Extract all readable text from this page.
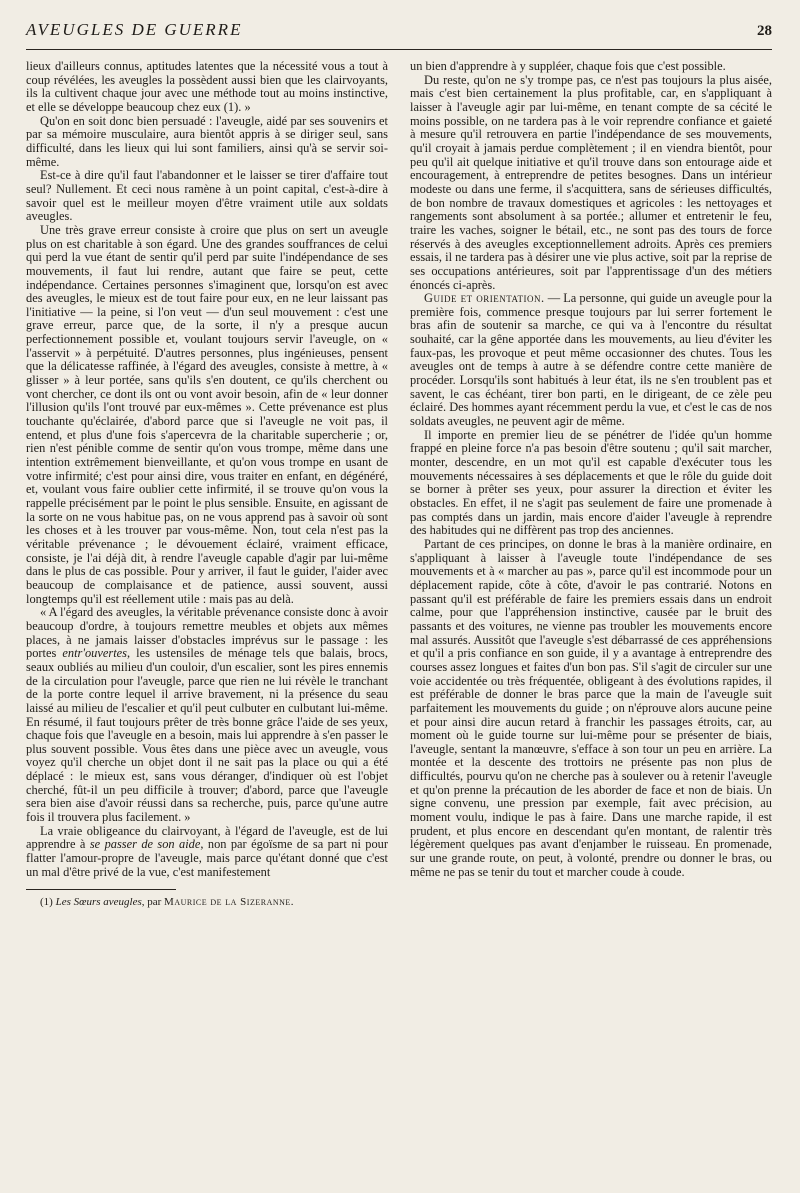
AVEUGLES DE GUERRE	28

lieux d'ailleurs connus, aptitudes latentes que la nécessité vous a tout à coup révélées, les aveugles la possèdent aussi bien que les clairvoyants, ils la cultivent chaque jour avec une méthode tout au moins instinctive, et elle se développe beaucoup chez eux (1). »

Qu'on en soit donc bien persuadé : l'aveugle, aidé par ses souvenirs et par sa mémoire musculaire, aura bientôt appris à se diriger seul, sans difficulté, dans les lieux qui lui sont familiers, ainsi qu'à se servir soi-même.

Est-ce à dire qu'il faut l'abandonner et le laisser se tirer d'affaire tout seul? Nullement. Et ceci nous ramène à un point capital, c'est-à-dire à savoir quel est le meilleur moyen d'être vraiment utile aux soldats aveugles.

Une très grave erreur consiste à croire que plus on sert un aveugle plus on est charitable à son égard. Une des grandes souffrances de celui qui perd la vue étant de sentir qu'il perd par suite l'indépendance de ses mouvements, il faut lui rendre, autant que faire se peut, cette indépendance. Certaines personnes s'imaginent que, lorsqu'on est avec des aveugles, le mieux est de tout faire pour eux, en ne leur laissant pas l'initiative — la peine, si l'on veut — d'un seul mouvement : c'est une grave erreur, parce que, de la sorte, il n'y a presque aucun perfectionnement possible et, voulant toujours servir l'aveugle, on « l'asservit » à perpétuité. D'autres personnes, plus ingénieuses, pensent que la délicatesse raffinée, à l'égard des aveugles, consiste à mettre, à « glisser » à leur portée, sans qu'ils s'en doutent, ce qu'ils cherchent ou vont chercher, ce dont ils ont ou vont avoir besoin, afin de « leur donner l'illusion qu'ils l'ont trouvé par eux-mêmes ». Cette prévenance est plus touchante qu'éclairée, d'abord parce que si l'aveugle ne voit pas, il entend, et plus d'une fois s'apercevra de la charitable supercherie ; or, rien n'est pénible comme de sentir qu'on vous trompe, même dans une intention extrêmement bienveillante, et qu'on vous trompe en usant de votre infirmité; c'est pour ainsi dire, vous traiter en enfant, en dégénéré, et, voulant vous faire oublier cette infirmité, il se trouve qu'on vous la rappelle précisément par le point le plus sensible. Ensuite, en agissant de la sorte on ne vous habitue pas, on ne vous apprend pas à savoir où sont les choses et à les trouver par vous-même. Non, tout cela n'est pas la véritable prévenance ; le dévouement éclairé, vraiment efficace, consiste, je l'ai déjà dit, à rendre l'aveugle capable d'agir par lui-même dans le plus de cas possible. Pour y arriver, il faut le guider, l'aider avec beaucoup de complaisance et de patience, aussi souvent, aussi longtemps qu'il est réellement utile : mais pas au delà.

« A l'égard des aveugles, la véritable prévenance consiste donc à avoir beaucoup d'ordre, à toujours remettre meubles et objets aux mêmes places, à ne jamais laisser d'obstacles imprévus sur le passage : les portes entr'ouvertes, les ustensiles de ménage tels que balais, brocs, seaux oubliés au milieu d'un couloir, d'un escalier, sont les pires ennemis de la circulation pour l'aveugle, parce que rien ne lui révèle le tranchant de la porte contre lequel il arrive bravement, ni la présence du seau laissé au milieu de l'escalier et qu'il peut culbuter en culbutant lui-même. En résumé, il faut toujours prêter de très bonne grâce l'aide de ses yeux, chaque fois que l'aveugle en a besoin, mais lui apprendre à s'en passer le plus souvent possible. Vous êtes dans une pièce avec un aveugle, vous voyez qu'il cherche un objet dont il ne sait pas la place ou qui a été déplacé : le mieux est, sans vous déranger, d'indiquer où est l'objet cherché, fût-il un peu difficile à trouver; d'abord, parce que l'aveugle sera bien aise d'avoir réussi dans sa recherche, puis, parce qu'une autre fois il trouvera plus facilement. »

La vraie obligeance du clairvoyant, à l'égard de l'aveugle, est de lui apprendre à se passer de son aide, non par égoïsme de sa part ni pour flatter l'amour-propre de l'aveugle, mais parce qu'étant donné que c'est un mal d'être privé de la vue, c'est manifestement

(1) Les Sœurs aveugles, par Maurice de la Sizeranne.

un bien d'apprendre à y suppléer, chaque fois que c'est possible.

Du reste, qu'on ne s'y trompe pas, ce n'est pas toujours la plus aisée, mais c'est bien certainement la plus profitable, car, en s'appliquant à laisser à l'aveugle agir par lui-même, en tenant compte de sa cécité le moins possible, on ne tardera pas à le voir reprendre confiance et gaieté à mesure qu'il retrouvera en partie l'indépendance de ses mouvements, qu'il croyait à jamais perdue complètement ; il en viendra bientôt, pour peu qu'il ait quelque initiative et qu'il trouve dans son entourage aide et encouragement, à entreprendre de petites besognes. Dans un intérieur modeste ou dans une ferme, il s'acquittera, sans de sérieuses difficultés, de bon nombre de travaux domestiques et agricoles : les nettoyages et rangements sont absolument à sa portée.; allumer et entretenir le feu, traire les vaches, soigner le bétail, etc., ne sont pas des tours de force réservés à des aveugles exceptionnellement adroits. Après ces premiers essais, il ne tardera pas à désirer une vie plus active, soit par la reprise de ses occupations antérieures, soit par l'apprentissage d'un des métiers énoncés ci-après.

Guide et orientation. — La personne, qui guide un aveugle pour la première fois, commence presque toujours par lui serrer fortement le bras afin de soutenir sa marche, ce qui va à l'encontre du résultat souhaité, car la gêne apportée dans les mouvements, au lieu d'éviter les faux-pas, les provoque et peut même occasionner des chutes. Tous les aveugles ont de temps à autre à se défendre contre cette manière de procéder. Lorsqu'ils sont habitués à leur état, ils ne s'en troublent pas et savent, le cas échéant, tirer bon parti, en le dirigeant, de ce zèle peu éclairé. Des hommes ayant récemment perdu la vue, et c'est le cas de nos soldats aveugles, ne peuvent agir de même.

Il importe en premier lieu de se pénétrer de l'idée qu'un homme frappé en pleine force n'a pas besoin d'être soutenu ; qu'il sait marcher, monter, descendre, en un mot qu'il est capable d'exécuter tous les mouvements nécessaires à ses déplacements et que le rôle du guide doit se borner à prêter ses yeux, pour assurer la direction et éviter les obstacles. En effet, il ne s'agit pas seulement de faire une promenade à pas comptés dans un jardin, mais encore d'aider l'aveugle à reprendre des habitudes qui ne diffèrent pas trop des anciennes.

Partant de ces principes, on donne le bras à la manière ordinaire, en s'appliquant à laisser à l'aveugle toute l'indépendance de ses mouvements et à « marcher au pas », parce qu'il est incommode pour un déplacement rapide, côte à côte, d'avoir le pas contrarié. Notons en passant qu'il est préférable de faire les premiers essais dans un endroit calme, pour que l'appréhension instinctive, causée par le bruit des passants et des voitures, ne vienne pas troubler les mouvements encore mal assurés. Aussitôt que l'aveugle s'est débarrassé de ces appréhensions et qu'il a pris confiance en son guide, il y a avantage à entreprendre des courses assez longues et faites d'un bon pas. S'il s'agit de circuler sur une voie accidentée ou très fréquentée, obligeant à des évolutions rapides, il est préférable de donner le bras parce que la main de l'aveugle suit parfaitement les mouvements du guide ; on n'éprouve alors aucune peine et pour ainsi dire aucun retard à franchir les passages étroits, car, au moment où le guide tourne sur lui-même pour se présenter de biais, l'aveugle, sentant la manœuvre, s'efface à son tour un peu en arrière. La montée et la descente des trottoirs ne présente pas non plus de difficultés, pourvu qu'on ne cherche pas à soulever ou à retenir l'aveugle et qu'on prenne la précaution de les aborder de face et non de biais. Un signe convenu, une pression par exemple, fait avec précision, au moment voulu, indique le pas à faire. Dans une marche rapide, il est prudent, et plus encore en descendant qu'en montant, de ralentir très légèrement quelques pas avant d'enjamber le ruisseau. En promenade, sur une grande route, on peut, à volonté, prendre ou donner le bras, ou même ne pas se tenir du tout et marcher coude à coude.
